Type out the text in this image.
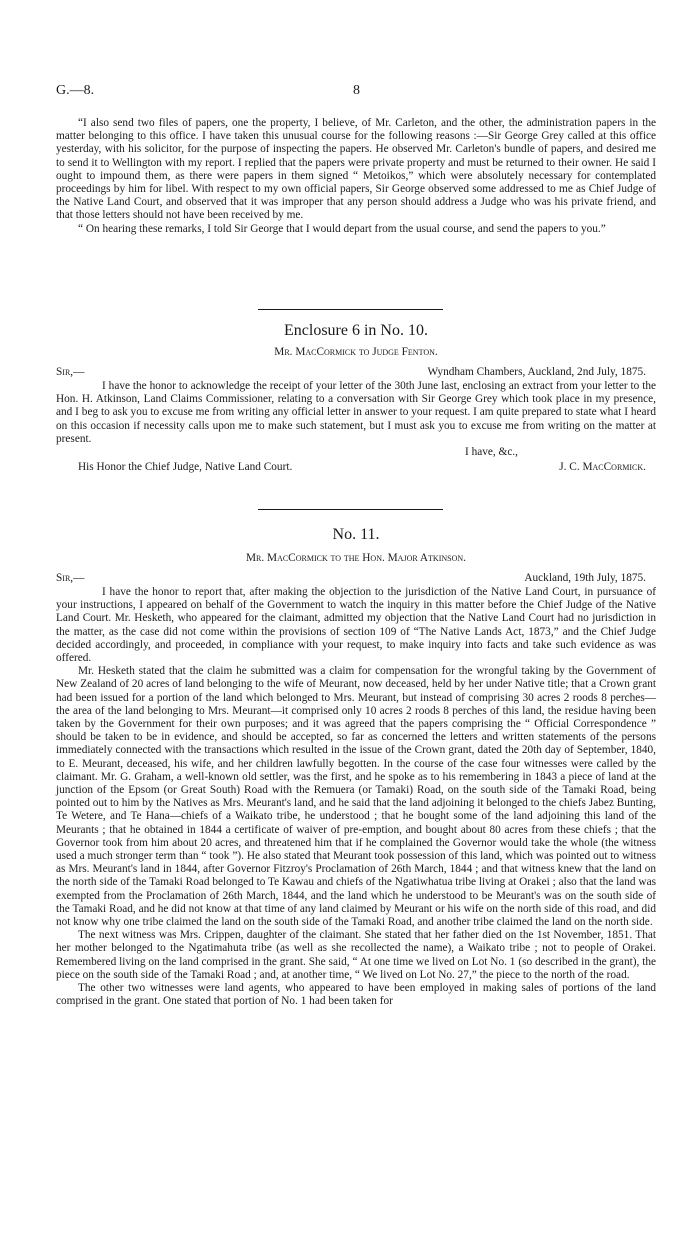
G.—8.	8

“I also send two files of papers, one the property, I believe, of Mr. Carleton, and the other, the administration papers in the matter belonging to this office. I have taken this unusual course for the following reasons :—Sir George Grey called at this office yesterday, with his solicitor, for the purpose of inspecting the papers. He observed Mr. Carleton's bundle of papers, and desired me to send it to Wellington with my report. I replied that the papers were private property and must be returned to their owner. He said I ought to impound them, as there were papers in them signed “ Metoikos,” which were absolutely necessary for contemplated proceedings by him for libel. With respect to my own official papers, Sir George observed some addressed to me as Chief Judge of the Native Land Court, and observed that it was improper that any person should address a Judge who was his private friend, and that those letters should not have been received by me.

“ On hearing these remarks, I told Sir George that I would depart from the usual course, and send the papers to you.”

Enclosure 6 in No. 10.
Mr. MacCormick to Judge Fenton.
Sir,—	Wyndham Chambers, Auckland, 2nd July, 1875.

I have the honor to acknowledge the receipt of your letter of the 30th June last, enclosing an extract from your letter to the Hon. H. Atkinson, Land Claims Commissioner, relating to a conversation with Sir George Grey which took place in my presence, and I beg to ask you to excuse me from writing any official letter in answer to your request. I am quite prepared to state what I heard on this occasion if necessity calls upon me to make such statement, but I must ask you to excuse me from writing on the matter at present.

I have, &c.,
His Honor the Chief Judge, Native Land Court.	J. C. MacCormick.
No. 11.
Mr. MacCormick to the Hon. Major Atkinson.
Sir,—	Auckland, 19th July, 1875.

I have the honor to report that, after making the objection to the jurisdiction of the Native Land Court, in pursuance of your instructions, I appeared on behalf of the Government to watch the inquiry in this matter before the Chief Judge of the Native Land Court. Mr. Hesketh, who appeared for the claimant, admitted my objection that the Native Land Court had no jurisdiction in the matter, as the case did not come within the provisions of section 109 of “The Native Lands Act, 1873,” and the Chief Judge decided accordingly, and proceeded, in compliance with your request, to make inquiry into facts and take such evidence as was offered.

Mr. Hesketh stated that the claim he submitted was a claim for compensation for the wrongful taking by the Government of New Zealand of 20 acres of land belonging to the wife of Meurant, now deceased, held by her under Native title; that a Crown grant had been issued for a portion of the land which belonged to Mrs. Meurant, but instead of comprising 30 acres 2 roods 8 perches—the area of the land belonging to Mrs. Meurant—it comprised only 10 acres 2 roods 8 perches of this land, the residue having been taken by the Government for their own purposes; and it was agreed that the papers comprising the “ Official Correspondence ” should be taken to be in evidence, and should be accepted, so far as concerned the letters and written statements of the persons immediately connected with the transactions which resulted in the issue of the Crown grant, dated the 20th day of September, 1840, to E. Meurant, deceased, his wife, and her children lawfully begotten. In the course of the case four witnesses were called by the claimant. Mr. G. Graham, a well-known old settler, was the first, and he spoke as to his remembering in 1843 a piece of land at the junction of the Epsom (or Great South) Road with the Remuera (or Tamaki) Road, on the south side of the Tamaki Road, being pointed out to him by the Natives as Mrs. Meurant's land, and he said that the land adjoining it belonged to the chiefs Jabez Bunting, Te Wetere, and Te Hana—chiefs of a Waikato tribe, he understood ; that he bought some of the land adjoining this land of the Meurants ; that he obtained in 1844 a certificate of waiver of pre-emption, and bought about 80 acres from these chiefs ; that the Governor took from him about 20 acres, and threatened him that if he complained the Governor would take the whole (the witness used a much stronger term than “ took ”). He also stated that Meurant took possession of this land, which was pointed out to witness as Mrs. Meurant's land in 1844, after Governor Fitzroy's Proclamation of 26th March, 1844 ; and that witness knew that the land on the north side of the Tamaki Road belonged to Te Kawau and chiefs of the Ngatiwhatua tribe living at Orakei ; also that the land was exempted from the Proclamation of 26th March, 1844, and the land which he understood to be Meurant's was on the south side of the Tamaki Road, and he did not know at that time of any land claimed by Meurant or his wife on the north side of this road, and did not know why one tribe claimed the land on the south side of the Tamaki Road, and another tribe claimed the land on the north side.

The next witness was Mrs. Crippen, daughter of the claimant. She stated that her father died on the 1st November, 1851. That her mother belonged to the Ngatimahuta tribe (as well as she recollected the name), a Waikato tribe ; not to people of Orakei. Remembered living on the land comprised in the grant. She said, “ At one time we lived on Lot No. 1 (so described in the grant), the piece on the south side of the Tamaki Road ; and, at another time, “ We lived on Lot No. 27,” the piece to the north of the road.

The other two witnesses were land agents, who appeared to have been employed in making sales of portions of the land comprised in the grant. One stated that portion of No. 1 had been taken for
